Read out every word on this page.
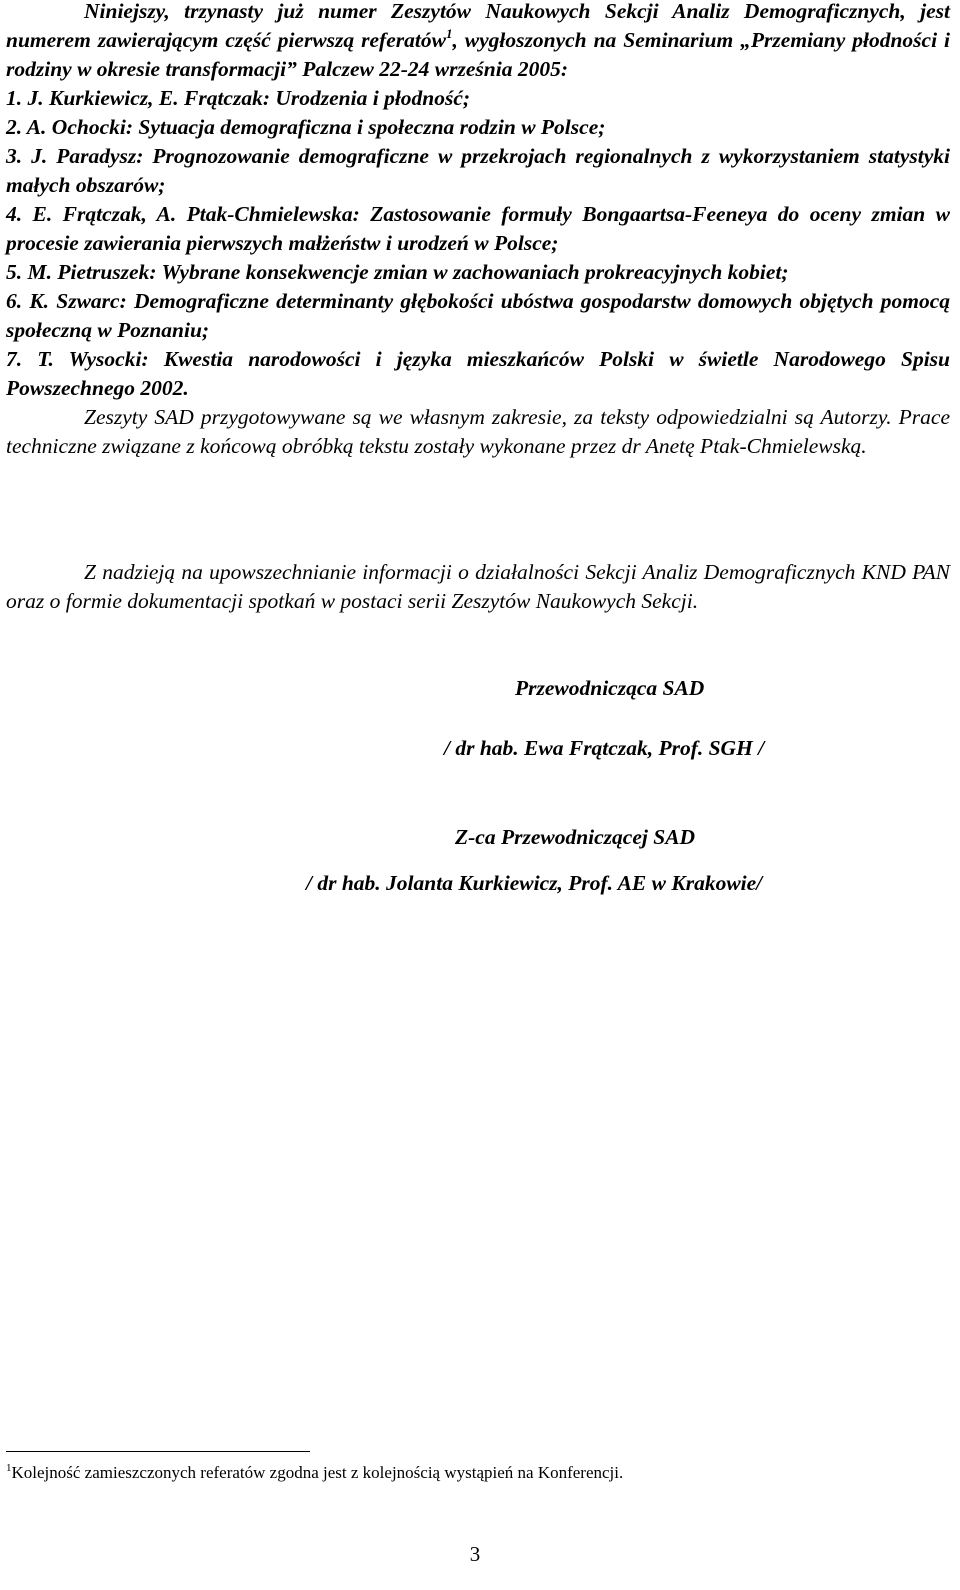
Niniejszy, trzynasty już numer Zeszytów Naukowych Sekcji Analiz Demograficznych, jest numerem zawierającym część pierwszą referatów$^1$, wygłoszonych na Seminarium „Przemiany płodności i rodziny w okresie transformacji” Palczew 22-24 września 2005:

1. J. Kurkiewicz, E. Frątczak: Urodzenia i płodność;

2. A. Ochocki: Sytuacja demograficzna i społeczna rodzin w Polsce;

3. J. Paradysz: Prognozowanie demograficzne w przekrojach regionalnych z wykorzystaniem statystyki małych obszarów;

4. E. Frątczak, A. Ptak-Chmielewska: Zastosowanie formuły Bongaartsa-Feeneya do oceny zmian w procesie zawierania pierwszych małżeństw i urodzeń w Polsce;

5. M. Pietruszek: Wybrane konsekwencje zmian w zachowaniach prokreacyjnych kobiet;

6. K. Szwarc: Demograficzne determinanty głębokości ubóstwa gospodarstw domowych objętych pomocą społeczną w Poznaniu;

7. T. Wysocki: Kwestia narodowości i języka mieszkańców Polski w świetle Narodowego Spisu Powszechnego 2002.

Zeszyty SAD przygotowywane są we własnym zakresie, za teksty odpowiedzialni są Autorzy. Prace techniczne związane z końcową obróbką tekstu zostały wykonane przez dr Anetę Ptak-Chmielewską.

Z nadzieją na upowszechnianie informacji o działalności Sekcji Analiz Demograficznych KND PAN oraz o formie dokumentacji spotkań w postaci serii Zeszytów Naukowych Sekcji.

Przewodnicząca SAD
/ dr hab. Ewa Frątczak, Prof. SGH /
Z-ca Przewodniczącej SAD
/ dr hab. Jolanta Kurkiewicz, Prof. AE w Krakowie/
$^1$Kolejność zamieszczonych referatów zgodna jest z kolejnością wystąpień na Konferencji.
3
